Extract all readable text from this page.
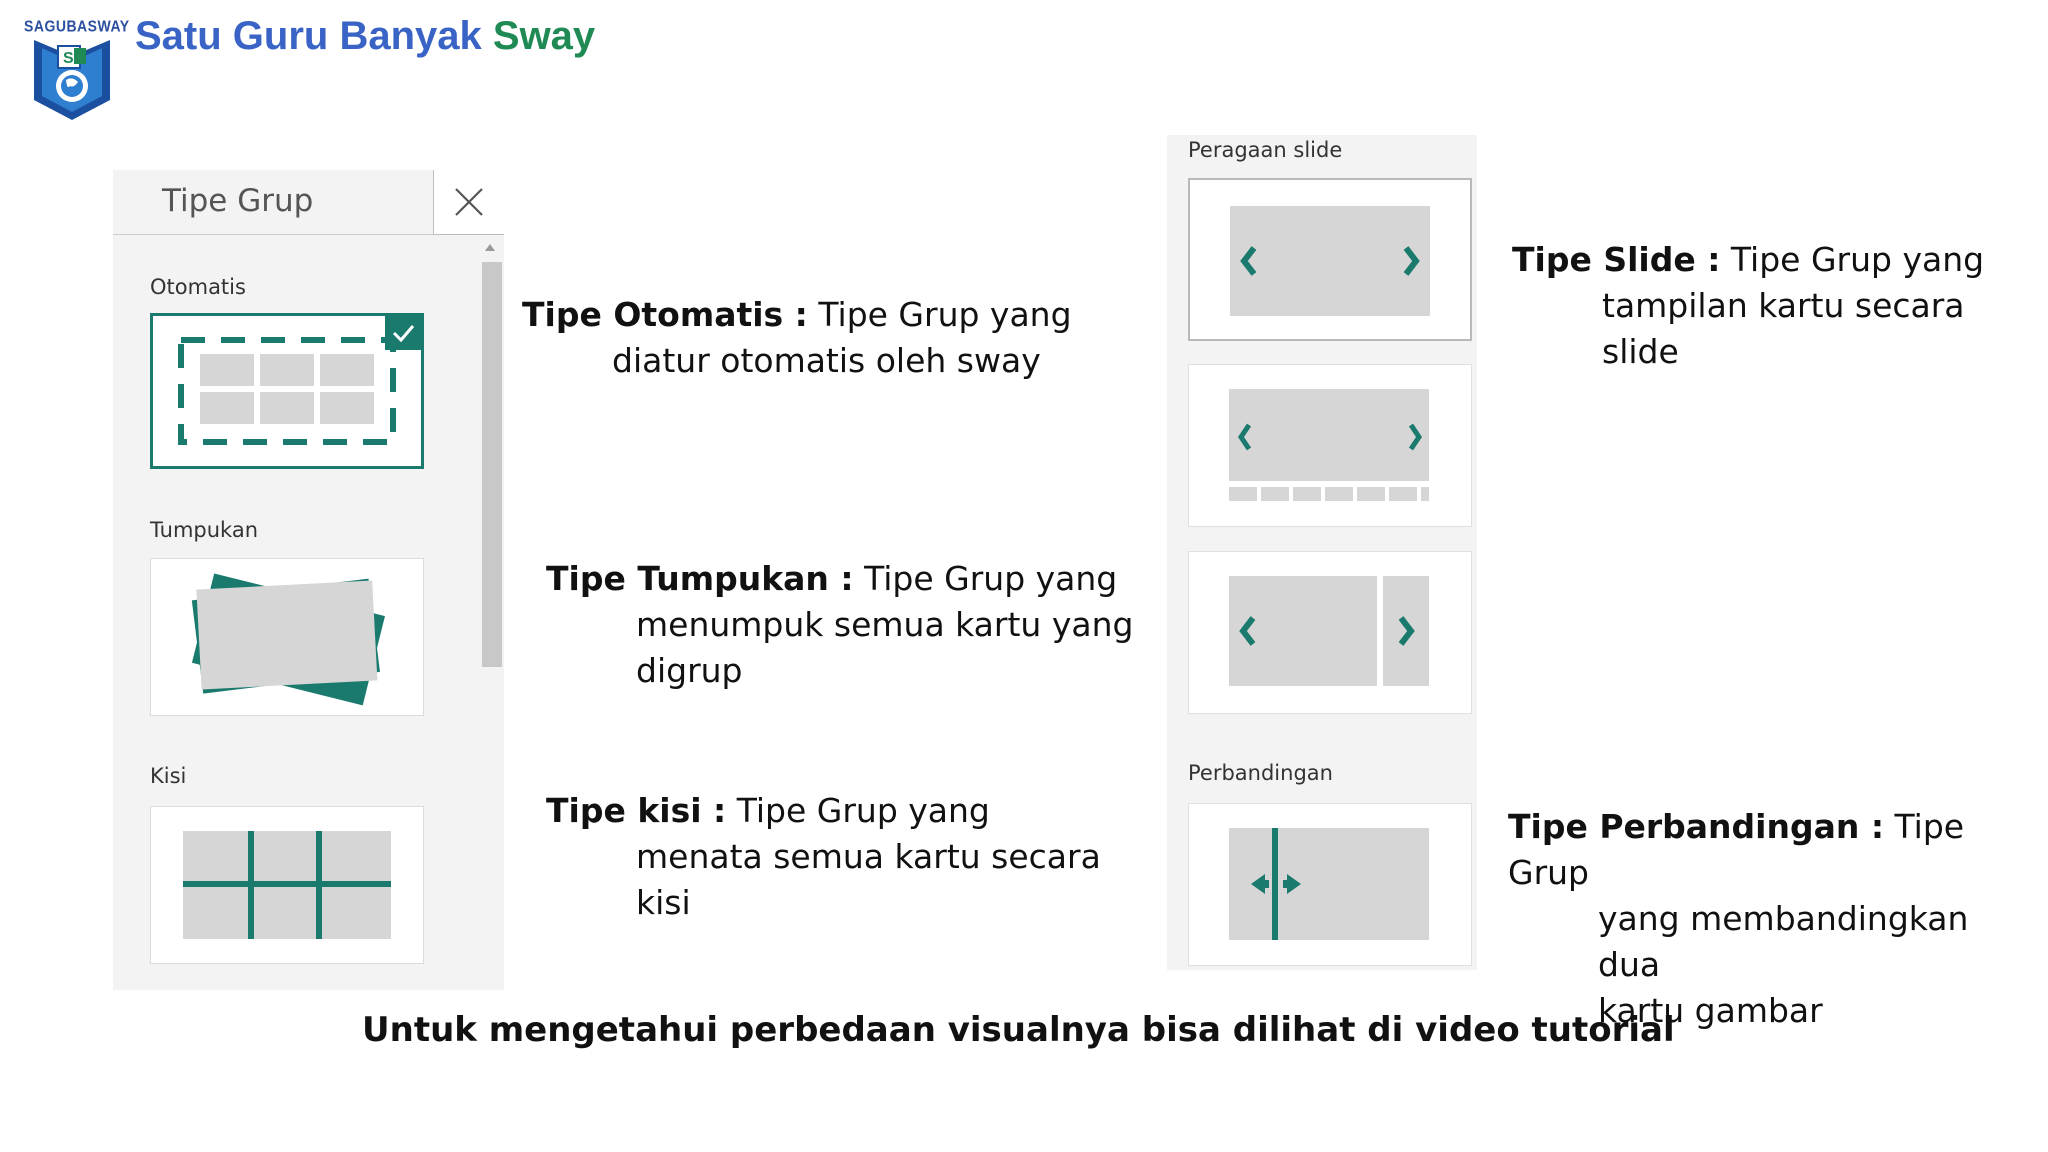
S
SAGUBASWAY Satu Guru Banyak Sway
Tipe Grup
Otomatis
Tumpukan
Kisi
Tipe Otomatis : Tipe Grup yang
diatur otomatis oleh sway
Tipe Tumpukan : Tipe Grup yang
menumpuk semua kartu yang
digrup
Tipe kisi : Tipe Grup yang
menata semua kartu secara
kisi
Peragaan slide
Perbandingan
Tipe Slide : Tipe Grup yang
tampilan kartu secara slide
Tipe Perbandingan : Tipe Grup
yang membandingkan dua
kartu gambar
Untuk mengetahui perbedaan visualnya bisa dilihat di video tutorial
